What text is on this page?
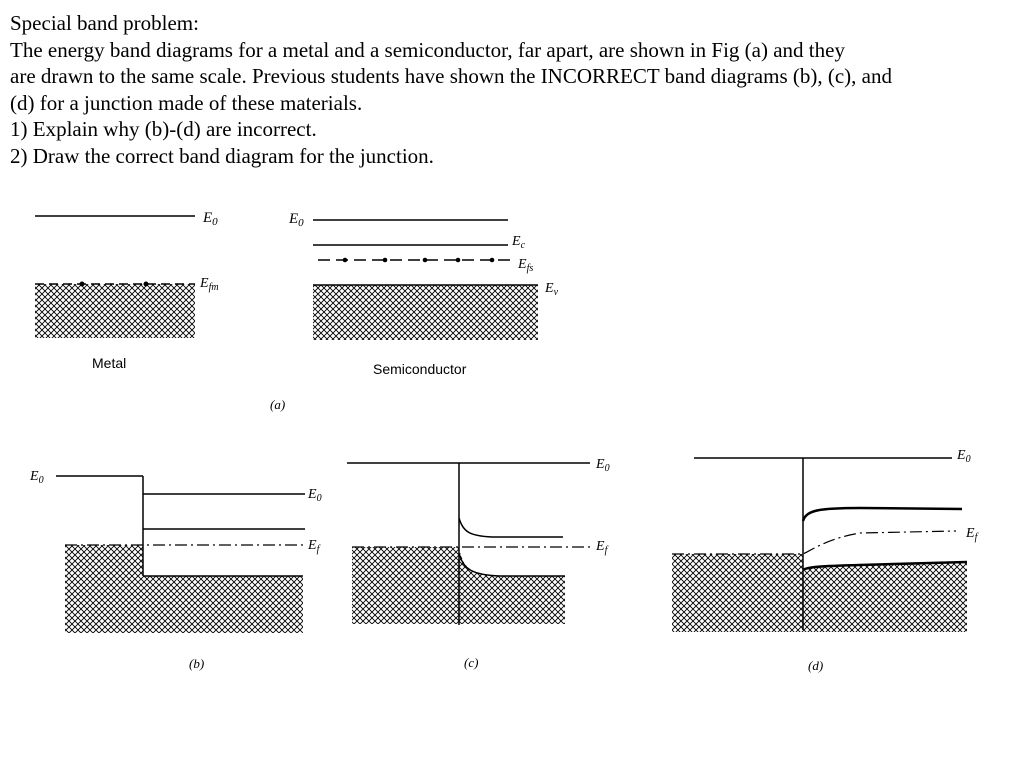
Special band problem:
The energy band diagrams for a metal and a semiconductor, far apart, are shown in Fig (a) and they
are drawn to the same scale. Previous students have shown the INCORRECT band diagrams (b), (c), and
(d) for a junction made of these materials.
1) Explain why (b)-(d) are incorrect.
2) Draw the correct band diagram for the junction.
$E_0$
$E_{fm}$
Metal
$E_0$
$E_c$
$E_{fs}$
$E_v$
Semiconductor
(a)
$E_0$
$E_0$
$E_f$
(b)
$E_0$
$E_f$
(c)
$E_0$
$E_f$
(d)
